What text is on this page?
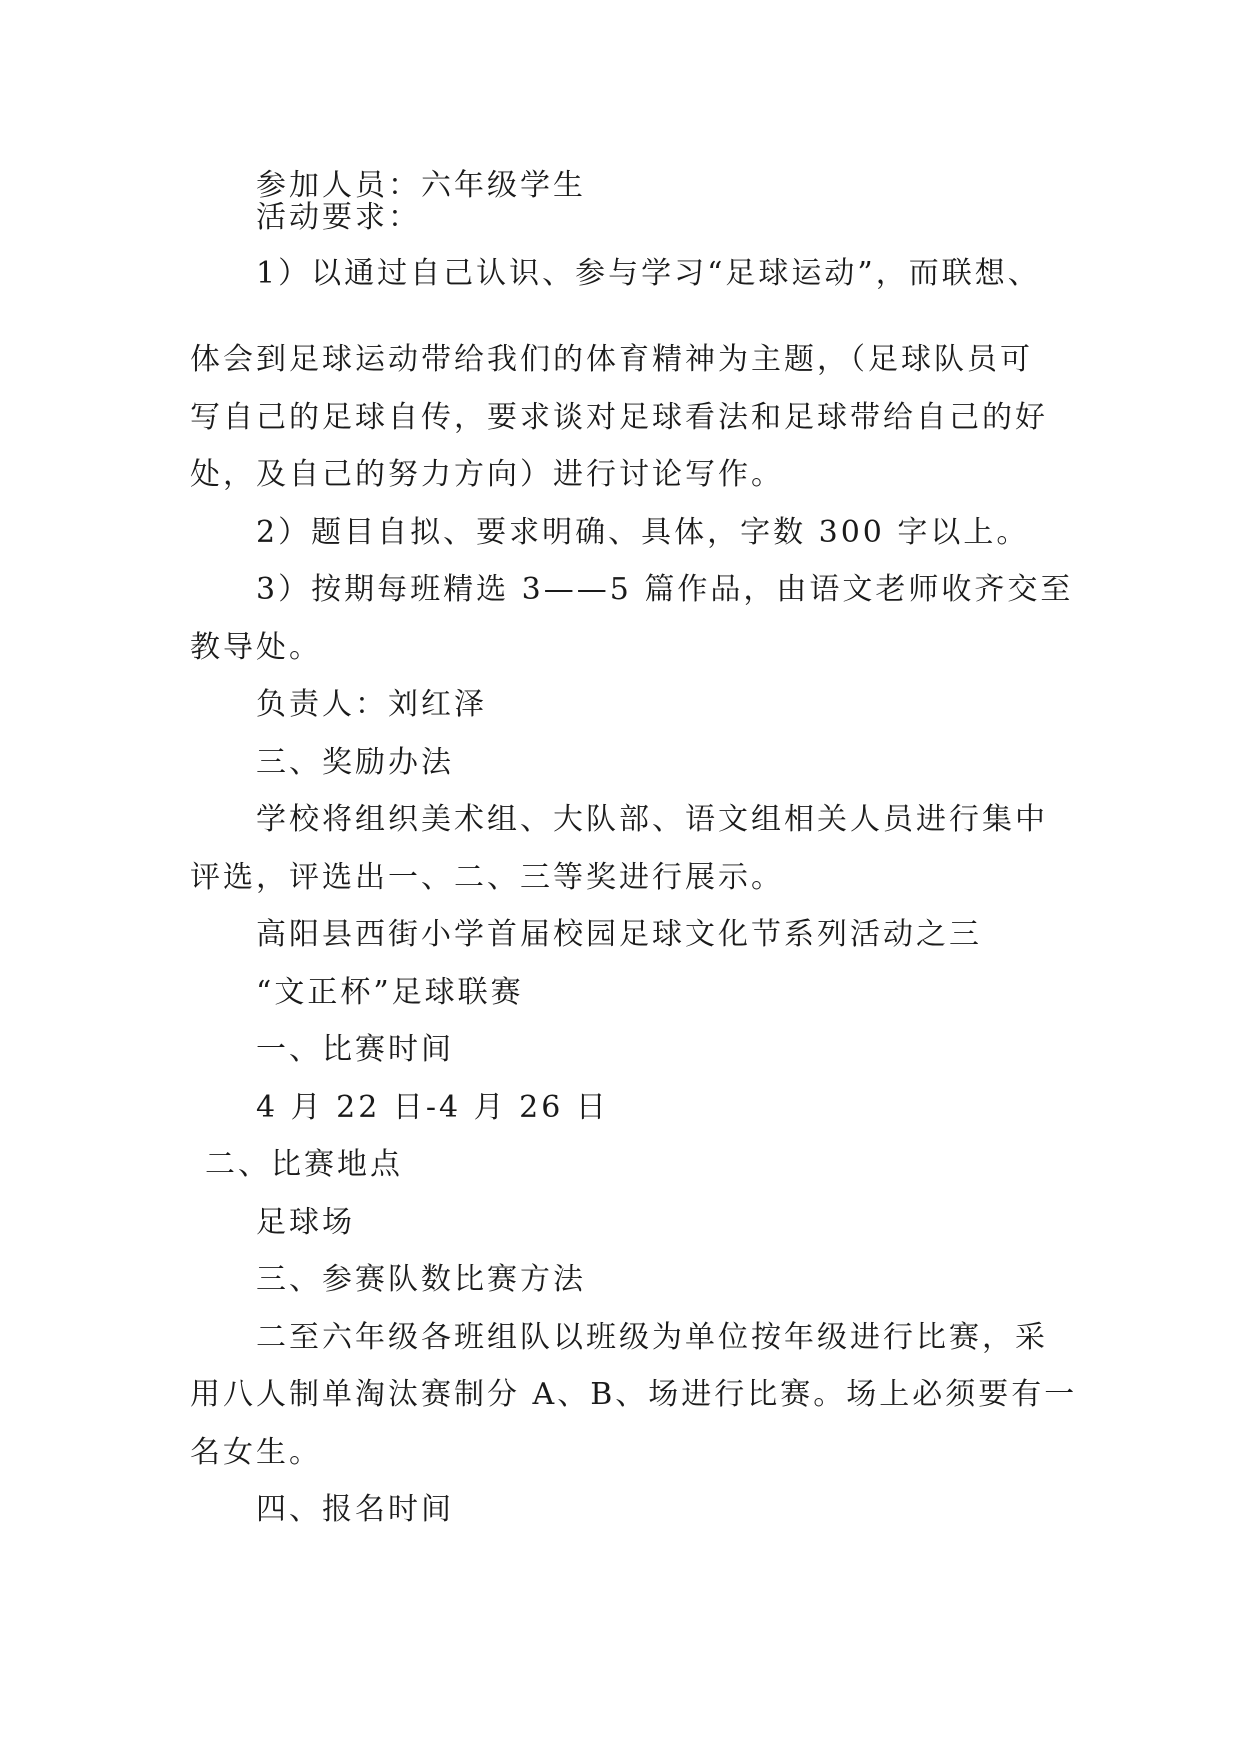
参加人员：六年级学生
活动要求：
1）以通过自己认识、参与学习“足球运动”，而联想、
体会到足球运动带给我们的体育精神为主题，（足球队员可
写自己的足球自传，要求谈对足球看法和足球带给自己的好
处，及自己的努力方向）进行讨论写作。
2）题目自拟、要求明确、具体，字数 300 字以上。
3）按期每班精选 3——5 篇作品，由语文老师收齐交至
教导处。
负责人：刘红泽
三、奖励办法
学校将组织美术组、大队部、语文组相关人员进行集中
评选，评选出一、二、三等奖进行展示。
高阳县西街小学首届校园足球文化节系列活动之三
“文正杯”足球联赛
一、比赛时间
4 月 22 日-4 月 26 日
二、比赛地点
足球场
三、参赛队数比赛方法
二至六年级各班组队以班级为单位按年级进行比赛，采
用八人制单淘汰赛制分 A、B、场进行比赛。场上必须要有一
名女生。
四、报名时间
